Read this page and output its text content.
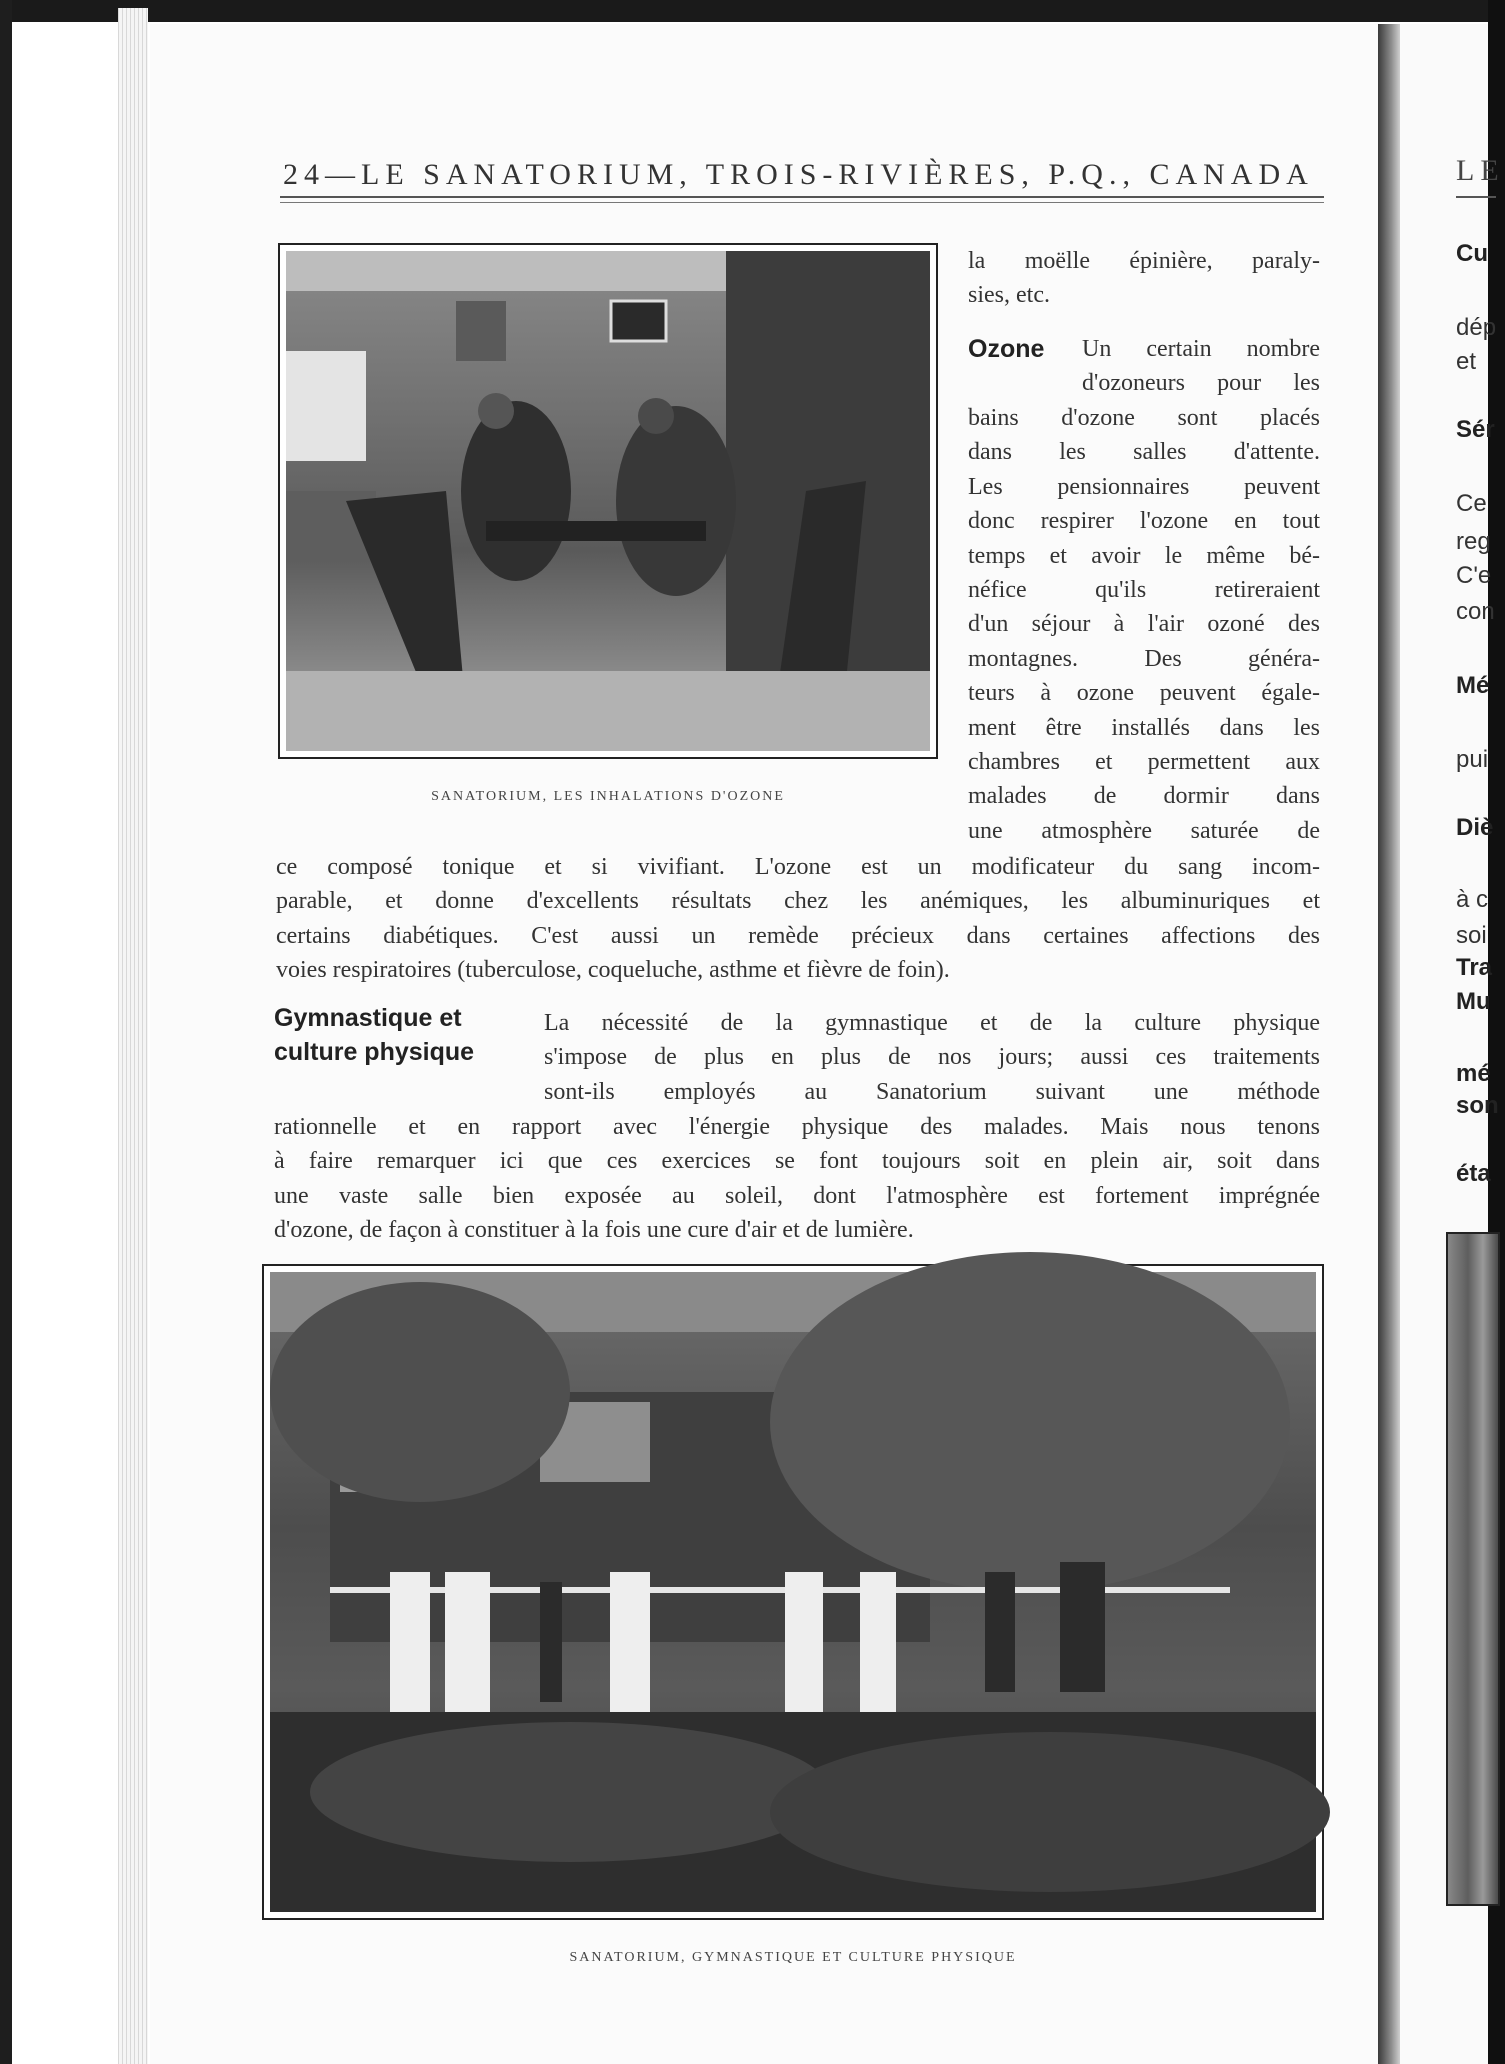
LE
Cu
dép
et
Sér
Ce
reg
C'e
con
Mé
pui
Diè
à c
soi
Tra
Mu
mé
son
éta
24—LE SANATORIUM, TROIS-RIVIÈRES, P.Q., CANADA
SANATORIUM, LES INHALATIONS D'OZONE
la moëlle épinière, paraly-
sies, etc.
Ozone Un certain nombre
d'ozoneurs pour les
bains d'ozone sont placés
dans les salles d'attente.
Les pensionnaires peuvent
donc respirer l'ozone en tout
temps et avoir le même bé-
néfice qu'ils retireraient
d'un séjour à l'air ozoné des
montagnes. Des généra-
teurs à ozone peuvent égale-
ment être installés dans les
chambres et permettent aux
malades de dormir dans
une atmosphère saturée de
ce composé tonique et si vivifiant. L'ozone est un modificateur du sang incom-
parable, et donne d'excellents résultats chez les anémiques, les albuminuriques et
certains diabétiques. C'est aussi un remède précieux dans certaines affections des
voies respiratoires (tuberculose, coqueluche, asthme et fièvre de foin).
Gymnastique et
culture physique
La nécessité de la gymnastique et de la culture physique
s'impose de plus en plus de nos jours; aussi ces traitements
sont-ils employés au Sanatorium suivant une méthode
rationnelle et en rapport avec l'énergie physique des malades. Mais nous tenons
à faire remarquer ici que ces exercices se font toujours soit en plein air, soit dans
une vaste salle bien exposée au soleil, dont l'atmosphère est fortement imprégnée
d'ozone, de façon à constituer à la fois une cure d'air et de lumière.
SANATORIUM, GYMNASTIQUE ET CULTURE PHYSIQUE
